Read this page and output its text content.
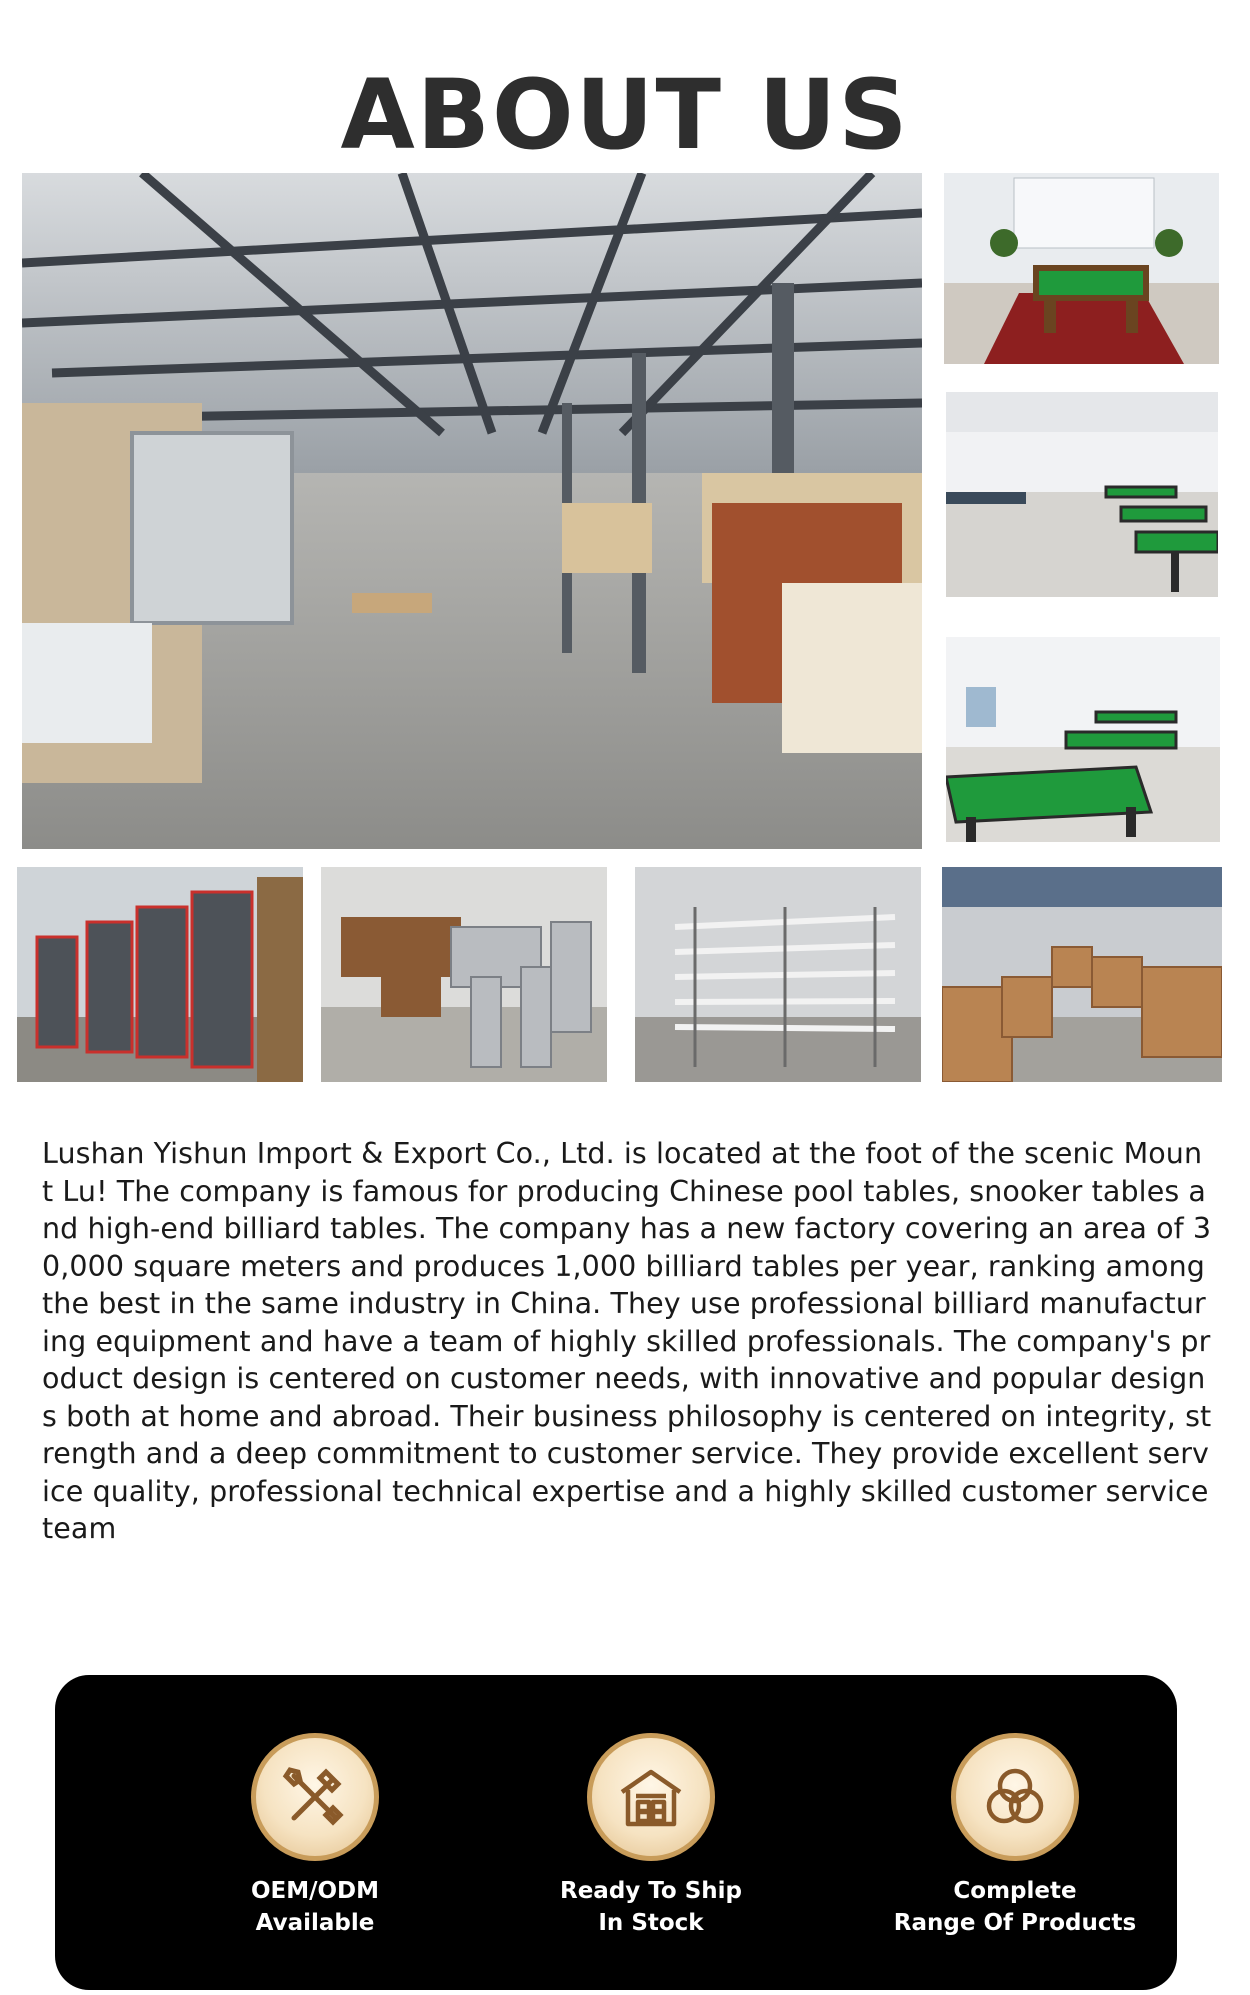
ABOUT US
Lushan Yishun Import & Export Co., Ltd. is located at the foot of the scenic Mount Lu! The company is famous for producing Chinese pool tables, snooker tables and high-end billiard tables. The company has a new factory covering an area of 30,000 square meters and produces 1,000 billiard tables per year, ranking among the best in the same industry in China. They use professional billiard manufacturing equipment and have a team of highly skilled professionals. The company's product design is centered on customer needs, with innovative and popular designs both at home and abroad. Their business philosophy is centered on integrity, strength and a deep commitment to customer service. They provide excellent service quality, professional technical expertise and a highly skilled customer service team
OEM/ODM
Available
Ready To Ship
In Stock
Complete
Range Of Products
